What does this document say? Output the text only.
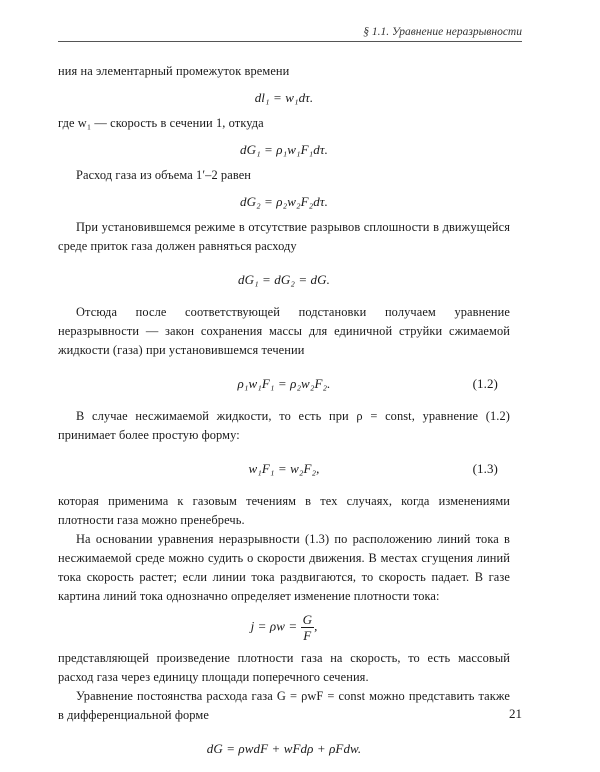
§ 1.1. Уравнение неразрывности

ния на элементарный промежуток времени

dl₁ = w₁dτ.

где w₁ — скорость в сечении 1, откуда

dG₁ = ρ₁w₁F₁dτ.

Расход газа из объема 1′–2 равен

dG₂ = ρ₂w₂F₂dτ.

При установившемся режиме в отсутствие разрывов сплошности в движущейся среде приток газа должен равняться расходу

dG₁ = dG₂ = dG.

Отсюда после соответствующей подстановки получаем уравнение неразрывности — закон сохранения массы для единичной струйки сжимаемой жидкости (газа) при установившемся течении

ρ₁w₁F₁ = ρ₂w₂F₂.	(1.2)

В случае несжимаемой жидкости, то есть при ρ = const, уравнение (1.2) принимает более простую форму:

w₁F₁ = w₂F₂,	(1.3)

которая применима к газовым течениям в тех случаях, когда изменениями плотности газа можно пренебречь.

На основании уравнения неразрывности (1.3) по расположению линий тока в несжимаемой среде можно судить о скорости движения. В местах сгущения линий тока скорость растет; если линии тока раздвигаются, то скорость падает. В газе картина линий тока однозначно определяет изменение плотности тока:

$j = \rho w = \frac{G}{F}$ ,

представляющей произведение плотности газа на скорость, то есть массовый расход газа через единицу площади поперечного сечения.

Уравнение постоянства расхода газа G = ρwF = const можно представить также в дифференциальной форме

dG = ρwdF + wFdρ + ρFdw.
21
